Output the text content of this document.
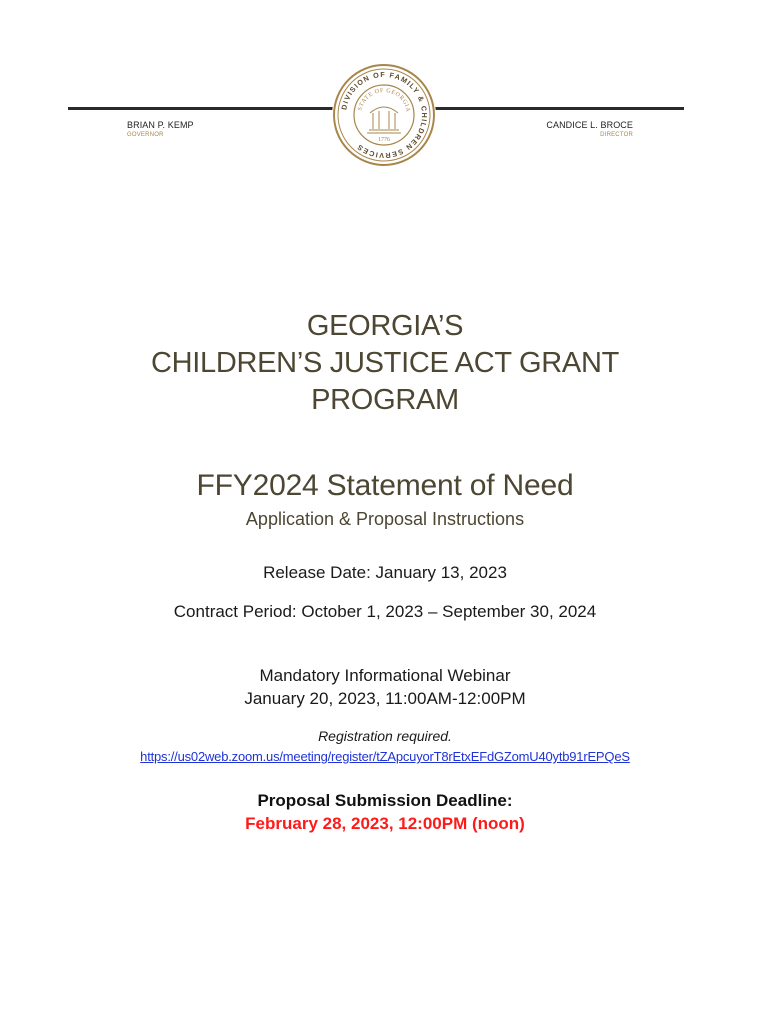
BRIAN P. KEMP
GOVERNOR
CANDICE L. BROCE
DIRECTOR
DIVISION OF FAMILY & CHILDREN SERVICES
STATE OF GEORGIA
1776
GEORGIA’S
CHILDREN’S JUSTICE ACT GRANT
PROGRAM
FFY2024 Statement of Need
Application & Proposal Instructions
Release Date: January 13, 2023
Contract Period: October 1, 2023 – September 30, 2024
Mandatory Informational Webinar
January 20, 2023, 11:00AM-12:00PM
Registration required.
https://us02web.zoom.us/meeting/register/tZApcuyorT8rEtxEFdGZomU40ytb91rEPQeS
Proposal Submission Deadline:
February 28, 2023, 12:00PM (noon)
